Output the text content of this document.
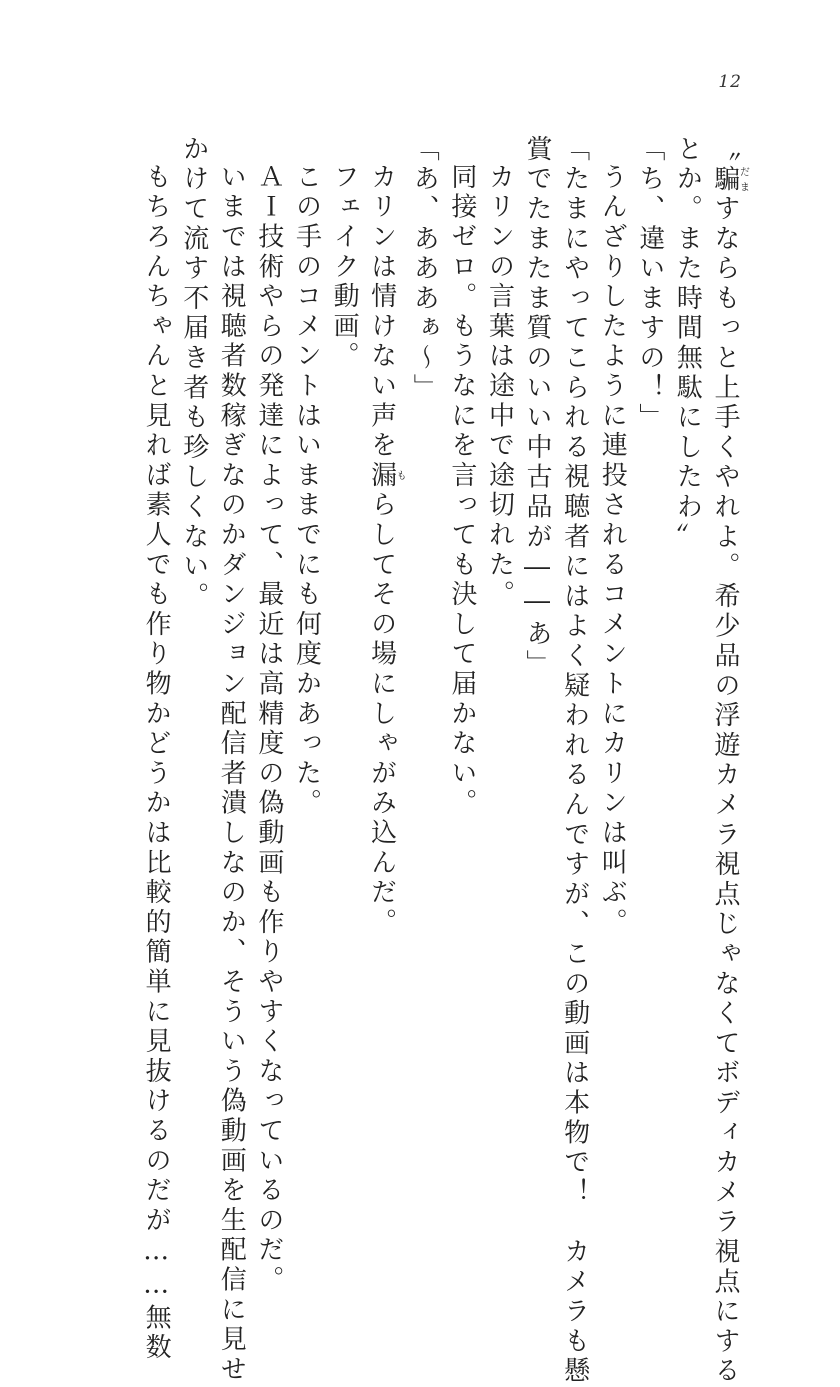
12
〝騙だますならもっと上手くやれよ。希少品の浮遊カメラ視点じゃなくてボディカメラ視点にする
とか。また時間無駄にしたわ〟
「ち、違いますの！」
うんざりしたように連投されるコメントにカリンは叫ぶ。
「たまにやってこられる視聴者にはよく疑われるんですが、この動画は本物で！　カメラも懸
賞でたまたま質のいい中古品が――あ」
カリンの言葉は途中で途切れた。
同接ゼロ。もうなにを言っても決して届かない。
「あ、あああぁ〜」
カリンは情けない声を漏もらしてその場にしゃがみ込んだ。
フェイク動画。
この手のコメントはいままでにも何度かあった。
ＡＩ技術やらの発達によって、最近は高精度の偽動画も作りやすくなっているのだ。
いまでは視聴者数稼ぎなのかダンジョン配信者潰しなのか、そういう偽動画を生配信に見せ
かけて流す不届き者も珍しくない。
もちろんちゃんと見れば素人でも作り物かどうかは比較的簡単に見抜けるのだが……無数
